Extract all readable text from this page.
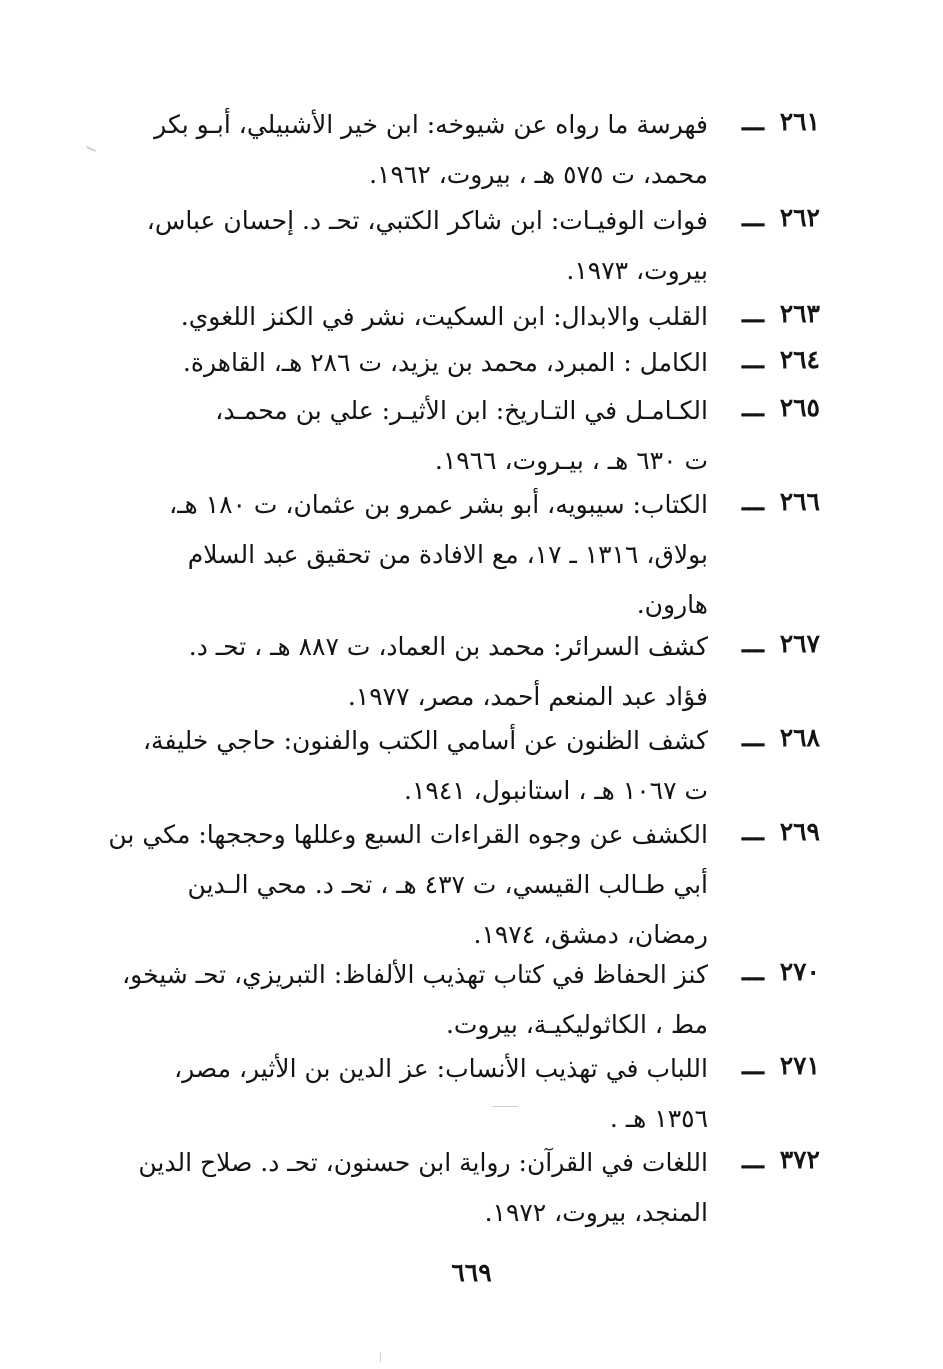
٢٦١
ـــ
فهرسة ما رواه عن شيوخه: ابن خير الأشبيلي، أبـو بكر
محمد، ت ٥٧٥ هـ ، بيروت، ١٩٦٢.
٢٦٢
ـــ
فوات الوفيـات: ابن شاكر الكتبي، تحـ د. إحسان عباس،
بيروت، ١٩٧٣.
٢٦٣
ـــ
القلب والابدال: ابن السكيت، نشر في الكنز اللغوي.
٢٦٤
ـــ
الكامل : المبرد، محمد بن يزيد، ت ٢٨٦ هـ، القاهرة.
٢٦٥
ـــ
الكـامـل في التـاريخ: ابن الأثيـر: علي بن محمـد،
ت ٦٣٠ هـ ، بيـروت، ١٩٦٦.
٢٦٦
ـــ
الكتاب: سيبويه، أبو بشر عمرو بن عثمان، ت ١٨٠ هـ،
بولاق، ١٣١٦ ـ ١٧، مع الافادة من تحقيق عبد السلام
هارون.
٢٦٧
ـــ
كشف السرائر: محمد بن العماد، ت ٨٨٧ هـ ، تحـ د.
فؤاد عبد المنعم أحمد، مصر، ١٩٧٧.
٢٦٨
ـــ
كشف الظنون عن أسامي الكتب والفنون: حاجي خليفة،
ت ١٠٦٧ هـ ، استانبول، ١٩٤١.
٢٦٩
ـــ
الكشف عن وجوه القراءات السبع وعللها وحججها: مكي بن
أبي طـالب القيسي، ت ٤٣٧ هـ ، تحـ د. محي الـدين
رمضان، دمشق، ١٩٧٤.
٢٧٠
ـــ
كنز الحفاظ في كتاب تهذيب الألفاظ: التبريزي، تحـ شيخو،
مط ، الكاثوليكيـة، بيروت.
٢٧١
ـــ
اللباب في تهذيب الأنساب: عز الدين بن الأثير، مصر،
١٣٥٦ هـ .
٣٧٢
ـــ
اللغات في القرآن: رواية ابن حسنون، تحـ د. صلاح الدين
المنجد، بيروت، ١٩٧٢.
٦٦٩
